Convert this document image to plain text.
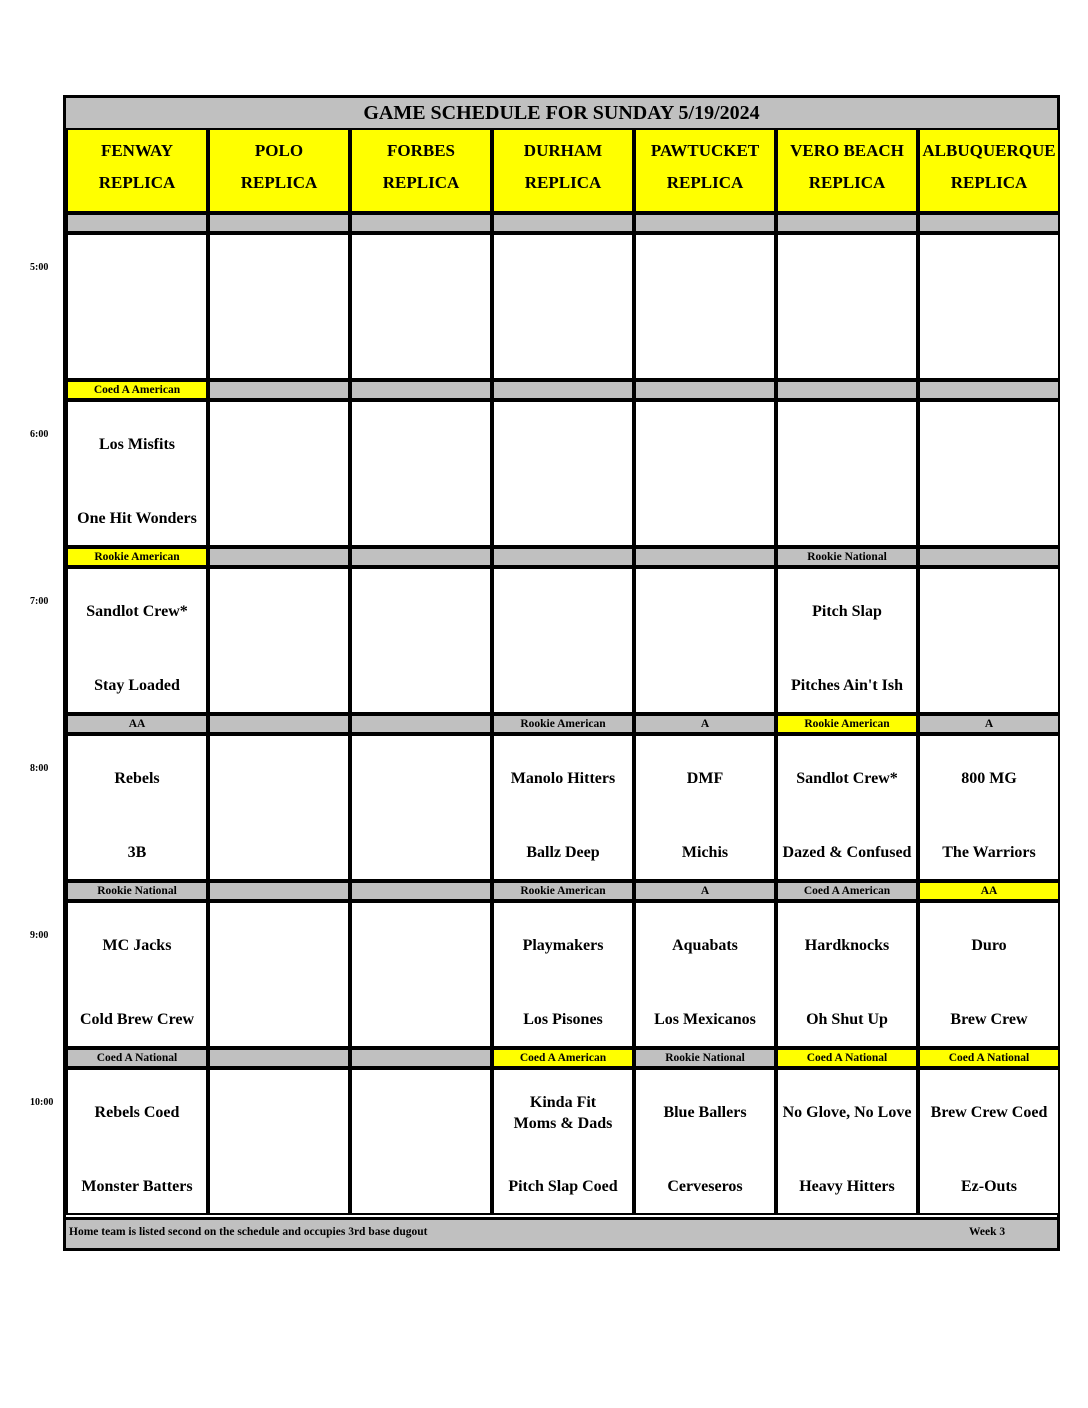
GAME SCHEDULE FOR SUNDAY 5/19/2024
FENWAY
REPLICA
POLO
REPLICA
FORBES
REPLICA
DURHAM
REPLICA
PAWTUCKET
REPLICA
VERO BEACH
REPLICA
ALBUQUERQUE
REPLICA
Coed A American
Los Misfits
One Hit Wonders
Rookie American
Sandlot Crew*
Stay Loaded
Rookie National
Pitch Slap
Pitches Ain't Ish
AA
Rebels
3B
Rookie American
Manolo Hitters
Ballz Deep
A
DMF
Michis
Rookie American
Sandlot Crew*
Dazed & Confused
A
800 MG
The Warriors
Rookie National
MC Jacks
Cold Brew Crew
Rookie American
Playmakers
Los Pisones
A
Aquabats
Los Mexicanos
Coed A American
Hardknocks
Oh Shut Up
AA
Duro
Brew Crew
Coed A National
Rebels Coed
Monster Batters
Coed A American
Kinda Fit Moms & Dads
Pitch Slap Coed
Rookie National
Blue Ballers
Cerveseros
Coed A National
No Glove, No Love
Heavy Hitters
Coed A National
Brew Crew Coed
Ez-Outs
Home team is listed second on the schedule and occupies 3rd base dugout	Week 3
5:00
6:00
7:00
8:00
9:00
10:00
